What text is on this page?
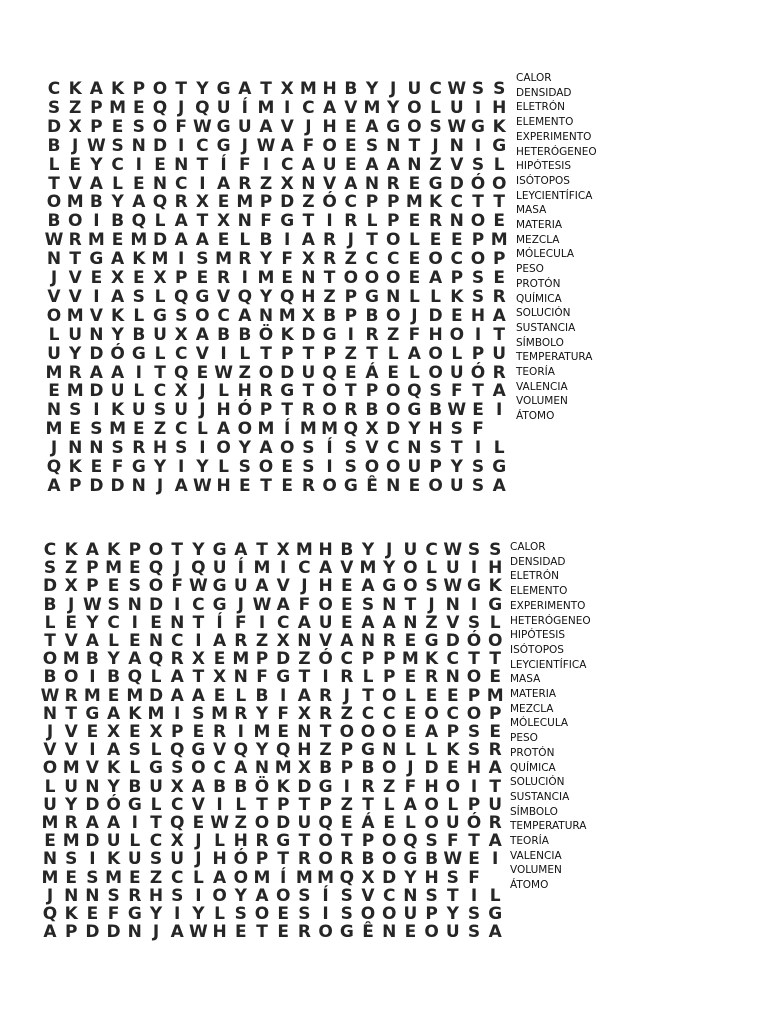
C K A K P O T Y G A T X M H B Y J U C W S S
S Z P M E Q J Q U Í M I C A V M Y O L U I H
D X P E S O F W G U A V J H E A G O S W G K
B J W S N D I C G J W A F O E S N T J N I G
L E Y C I E N T Í F I C A U E A A N Z V S L
T V A L E N C I A R Z X N V A N R E G D Ó O
O M B Y A Q R X E M P D Z Ó C P P M K C T T
B O I B Q L A T X N F G T I R L P E R N O E
W R M E M D A A E L B I A R J T O L E E P M
N T G A K M I S M R Y F X R Z C C E O C O P
J V E X E X P E R I M E N T O O O E A P S E
V V I A S L Q G V Q Y Q H Z P G N L L K S R
O M V K L G S O C A N M X B P B O J D E H A
L U N Y B U X A B B Ö K D G I R Z F H O I T
U Y D Ó G L C V I L T P T P Z T L A O L P U
M R A A I T Q E W Z O D U Q E Á E L O U Ó R
E M D U L C X J L H R G T O T P O Q S F T A
N S I K U S U J H Ó P T R O R B O G B W E I
M E S M E Z C L A O M Í M M Q X D Y H S F
J N N S R H S I O Y A O S Í S V C N S T I L
Q K E F G Y I Y L S O E S I S O O U P Y S G
A P D D N J A W H E T E R O G Ê N E O U S A
CALOR
DENSIDAD
ELETRÓN
ELEMENTO
EXPERIMENTO
HETERÓGENEO
HIPÓTESIS
ISÓTOPOS
LEYCIENTÍFICA
MASA
MATERIA
MEZCLA
MÓLECULA
PESO
PROTÓN
QUÍMICA
SOLUCIÓN
SUSTANCIA
SÍMBOLO
TEMPERATURA
TEORÍA
VALENCIA
VOLUMEN
ÁTOMO
C K A K P O T Y G A T X M H B Y J U C W S S
S Z P M E Q J Q U Í M I C A V M Y O L U I H
D X P E S O F W G U A V J H E A G O S W G K
B J W S N D I C G J W A F O E S N T J N I G
L E Y C I E N T Í F I C A U E A A N Z V S L
T V A L E N C I A R Z X N V A N R E G D Ó O
O M B Y A Q R X E M P D Z Ó C P P M K C T T
B O I B Q L A T X N F G T I R L P E R N O E
W R M E M D A A E L B I A R J T O L E E P M
N T G A K M I S M R Y F X R Z C C E O C O P
J V E X E X P E R I M E N T O O O E A P S E
V V I A S L Q G V Q Y Q H Z P G N L L K S R
O M V K L G S O C A N M X B P B O J D E H A
L U N Y B U X A B B Ö K D G I R Z F H O I T
U Y D Ó G L C V I L T P T P Z T L A O L P U
M R A A I T Q E W Z O D U Q E Á E L O U Ó R
E M D U L C X J L H R G T O T P O Q S F T A
N S I K U S U J H Ó P T R O R B O G B W E I
M E S M E Z C L A O M Í M M Q X D Y H S F
J N N S R H S I O Y A O S Í S V C N S T I L
Q K E F G Y I Y L S O E S I S O O U P Y S G
A P D D N J A W H E T E R O G Ê N E O U S A
CALOR
DENSIDAD
ELETRÓN
ELEMENTO
EXPERIMENTO
HETERÓGENEO
HIPÓTESIS
ISÓTOPOS
LEYCIENTÍFICA
MASA
MATERIA
MEZCLA
MÓLECULA
PESO
PROTÓN
QUÍMICA
SOLUCIÓN
SUSTANCIA
SÍMBOLO
TEMPERATURA
TEORÍA
VALENCIA
VOLUMEN
ÁTOMO
